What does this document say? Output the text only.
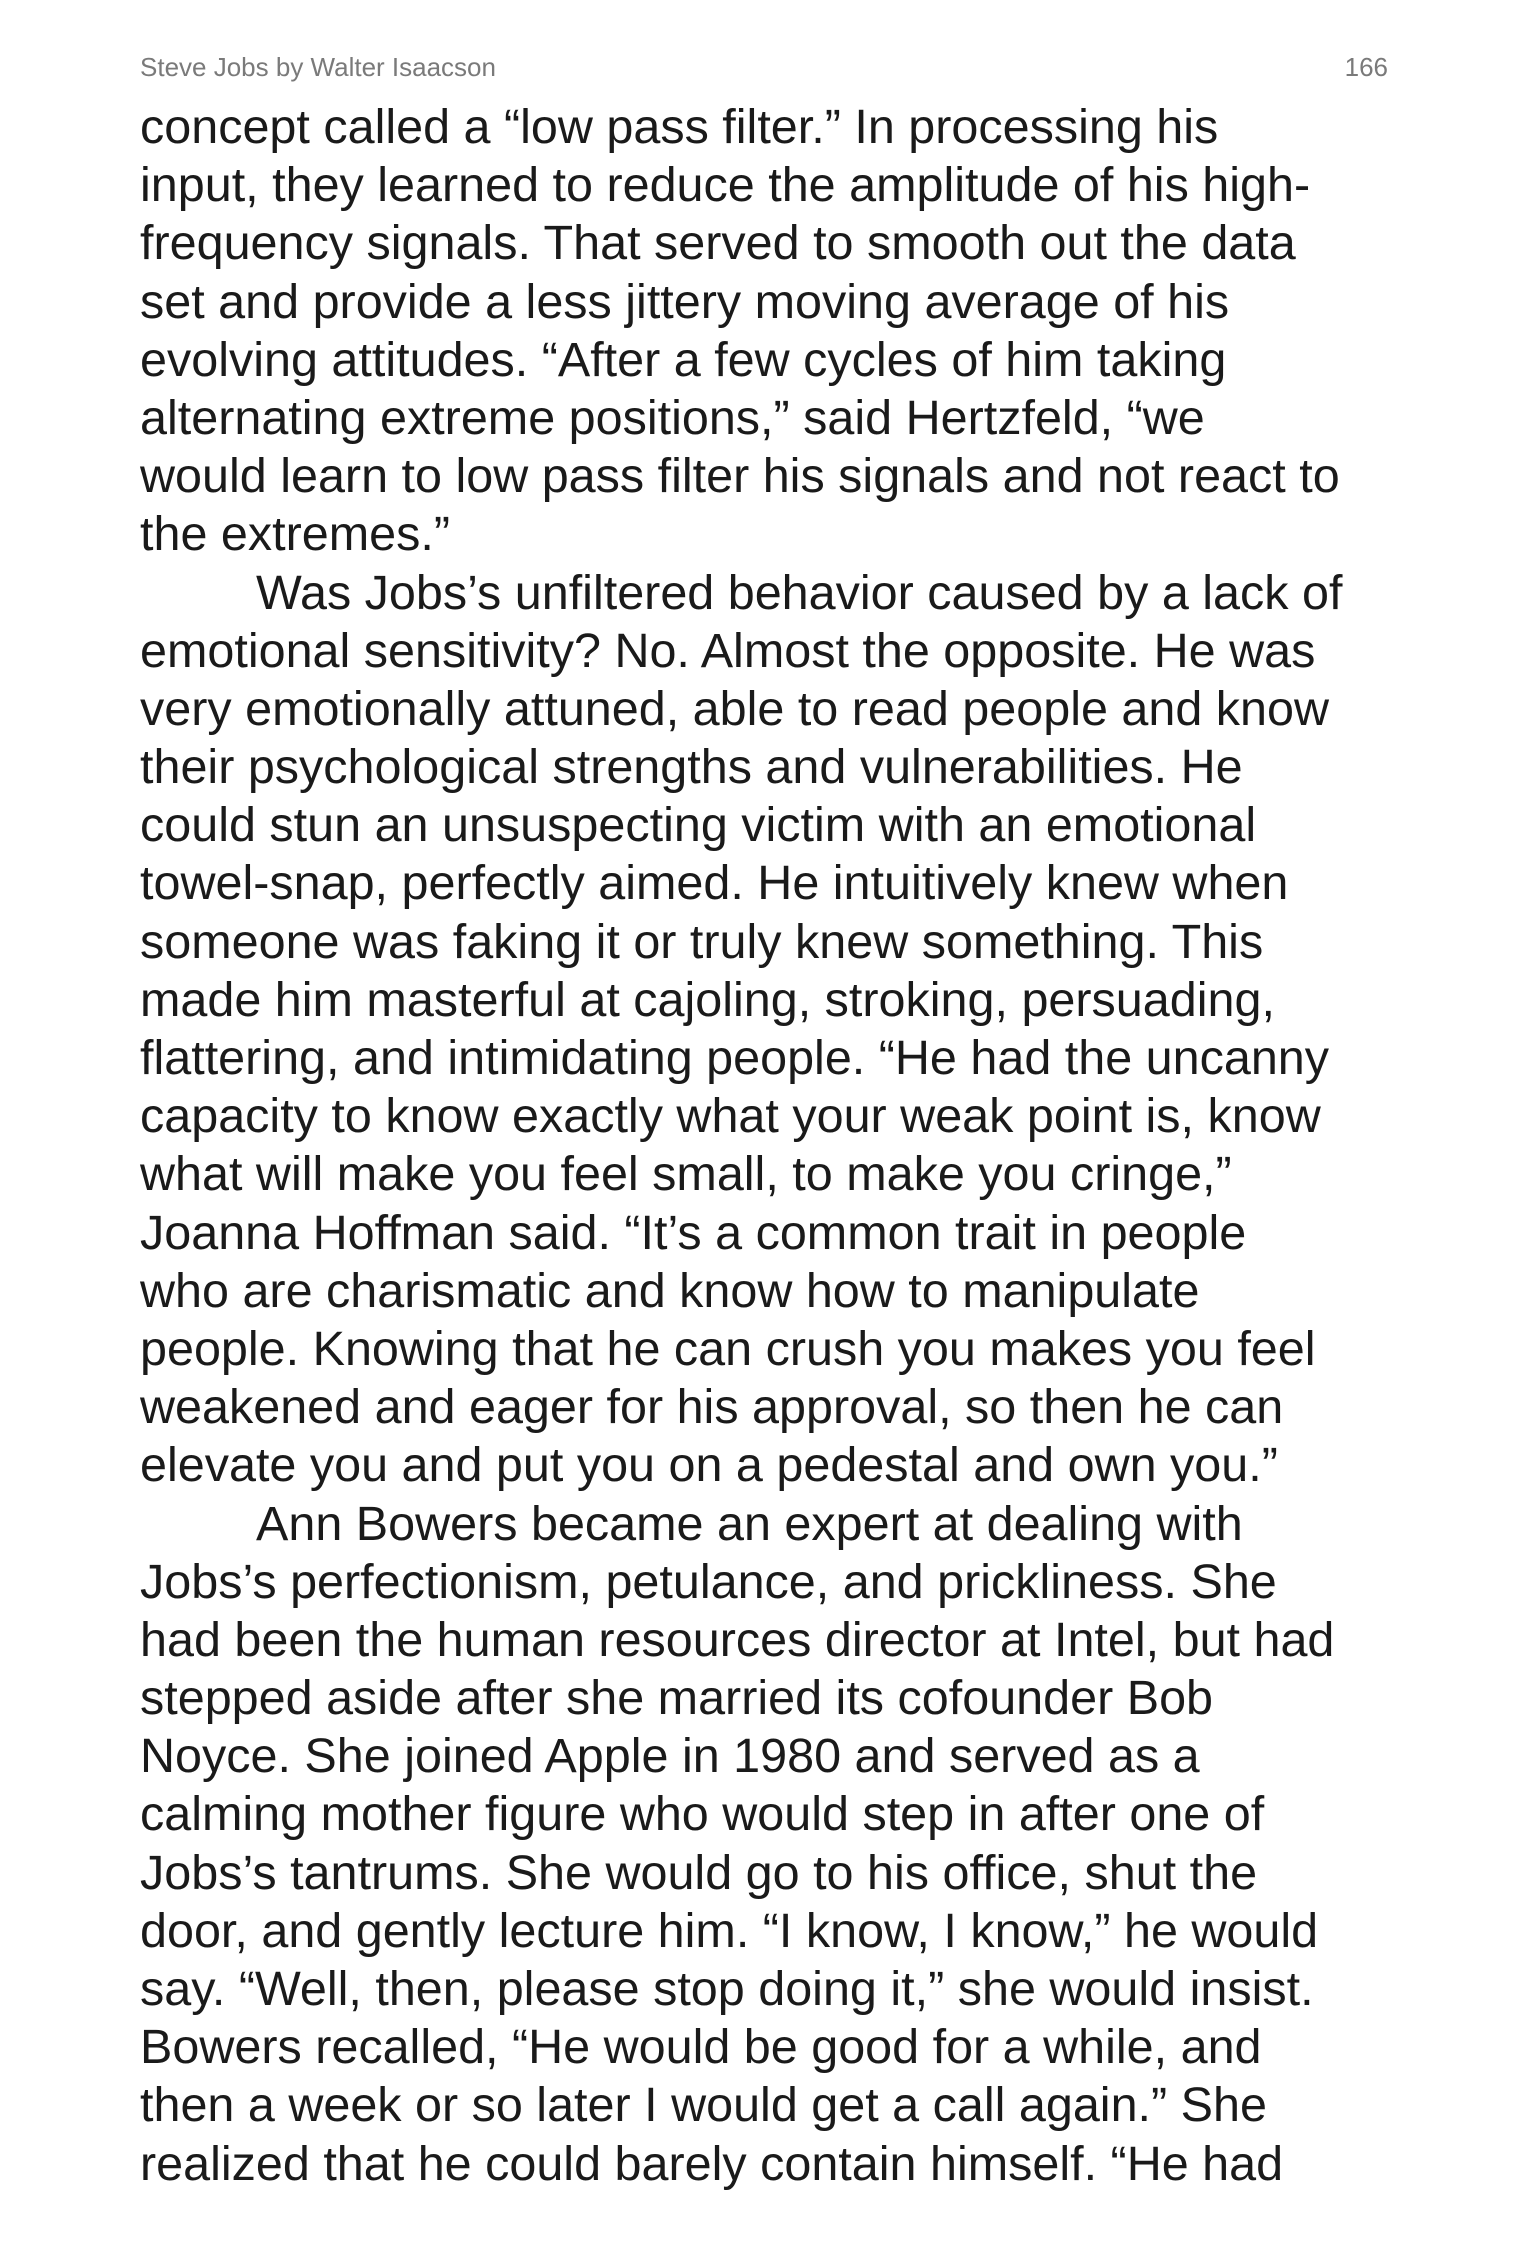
Steve Jobs by Walter Isaacson	166
concept called a “low pass filter.” In processing his
input, they learned to reduce the amplitude of his high-
frequency signals. That served to smooth out the data
set and provide a less jittery moving average of his
evolving attitudes. “After a few cycles of him taking
alternating extreme positions,” said Hertzfeld, “we
would learn to low pass filter his signals and not react to
the extremes.”
Was Jobs’s unfiltered behavior caused by a lack of
emotional sensitivity? No. Almost the opposite. He was
very emotionally attuned, able to read people and know
their psychological strengths and vulnerabilities. He
could stun an unsuspecting victim with an emotional
towel-snap, perfectly aimed. He intuitively knew when
someone was faking it or truly knew something. This
made him masterful at cajoling, stroking, persuading,
flattering, and intimidating people. “He had the uncanny
capacity to know exactly what your weak point is, know
what will make you feel small, to make you cringe,”
Joanna Hoffman said. “It’s a common trait in people
who are charismatic and know how to manipulate
people. Knowing that he can crush you makes you feel
weakened and eager for his approval, so then he can
elevate you and put you on a pedestal and own you.”
Ann Bowers became an expert at dealing with
Jobs’s perfectionism, petulance, and prickliness. She
had been the human resources director at Intel, but had
stepped aside after she married its cofounder Bob
Noyce. She joined Apple in 1980 and served as a
calming mother figure who would step in after one of
Jobs’s tantrums. She would go to his office, shut the
door, and gently lecture him. “I know, I know,” he would
say. “Well, then, please stop doing it,” she would insist.
Bowers recalled, “He would be good for a while, and
then a week or so later I would get a call again.” She
realized that he could barely contain himself. “He had
